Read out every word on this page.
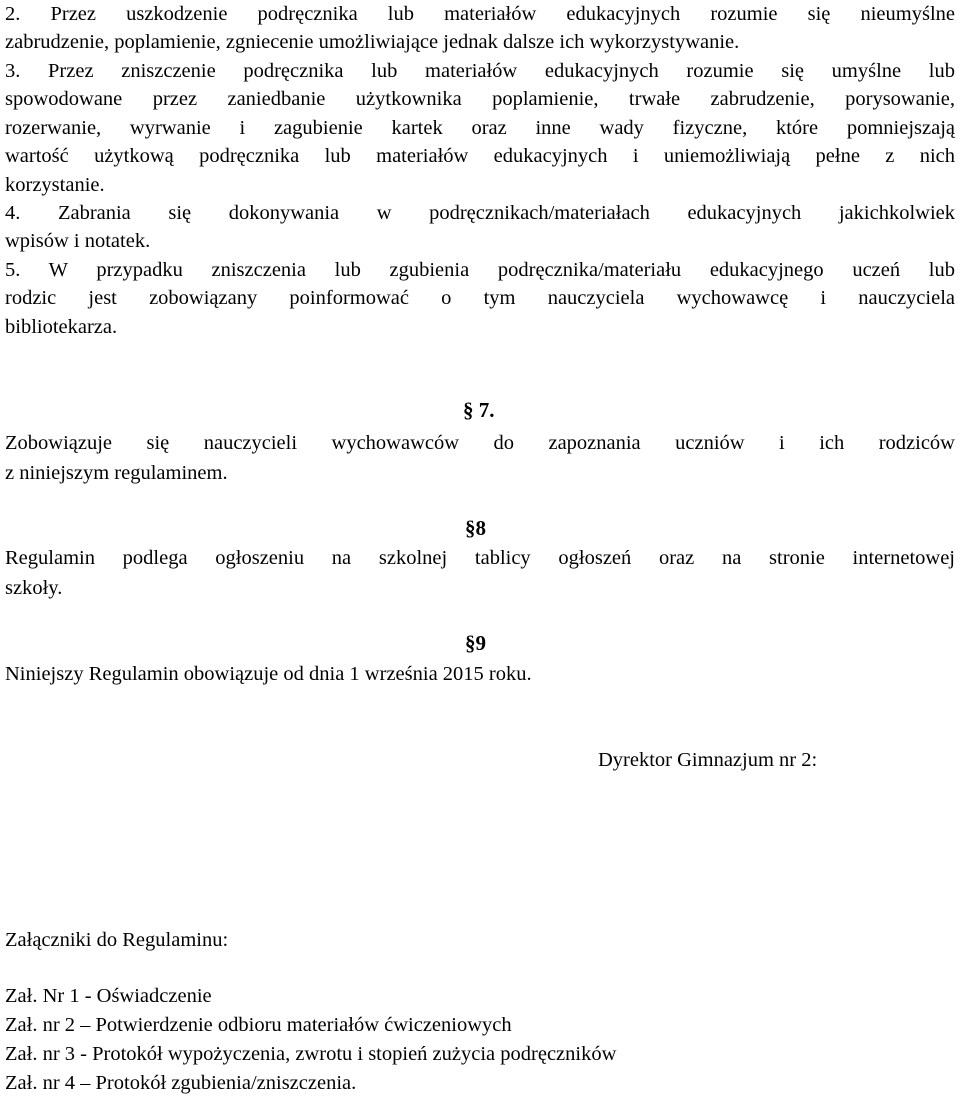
2. Przez uszkodzenie podręcznika lub materiałów edukacyjnych rozumie się nieumyślne
zabrudzenie, poplamienie, zgniecenie umożliwiające jednak dalsze ich wykorzystywanie.
3. Przez zniszczenie podręcznika lub materiałów edukacyjnych rozumie się umyślne lub
spowodowane przez zaniedbanie użytkownika poplamienie, trwałe zabrudzenie, porysowanie,
rozerwanie, wyrwanie i zagubienie kartek oraz inne wady fizyczne, które pomniejszają
wartość użytkową podręcznika lub materiałów edukacyjnych i uniemożliwiają pełne z nich
korzystanie.
4. Zabrania się dokonywania w podręcznikach/materiałach edukacyjnych jakichkolwiek
wpisów i notatek.
5. W przypadku zniszczenia lub zgubienia podręcznika/materiału edukacyjnego uczeń lub
rodzic jest zobowiązany poinformować o tym nauczyciela wychowawcę i nauczyciela
bibliotekarza.
§ 7.
Zobowiązuje się nauczycieli wychowawców do zapoznania uczniów i ich rodziców
z niniejszym regulaminem.
§8
Regulamin podlega ogłoszeniu na szkolnej tablicy ogłoszeń oraz na stronie internetowej
szkoły.
§9
Niniejszy Regulamin obowiązuje od dnia 1 września 2015 roku.
Dyrektor Gimnazjum nr 2:
Załączniki do Regulaminu:
Zał. Nr 1 - Oświadczenie
Zał. nr 2 – Potwierdzenie odbioru materiałów ćwiczeniowych
Zał. nr 3 - Protokół wypożyczenia, zwrotu i stopień zużycia podręczników
Zał. nr 4 – Protokół zgubienia/zniszczenia.
